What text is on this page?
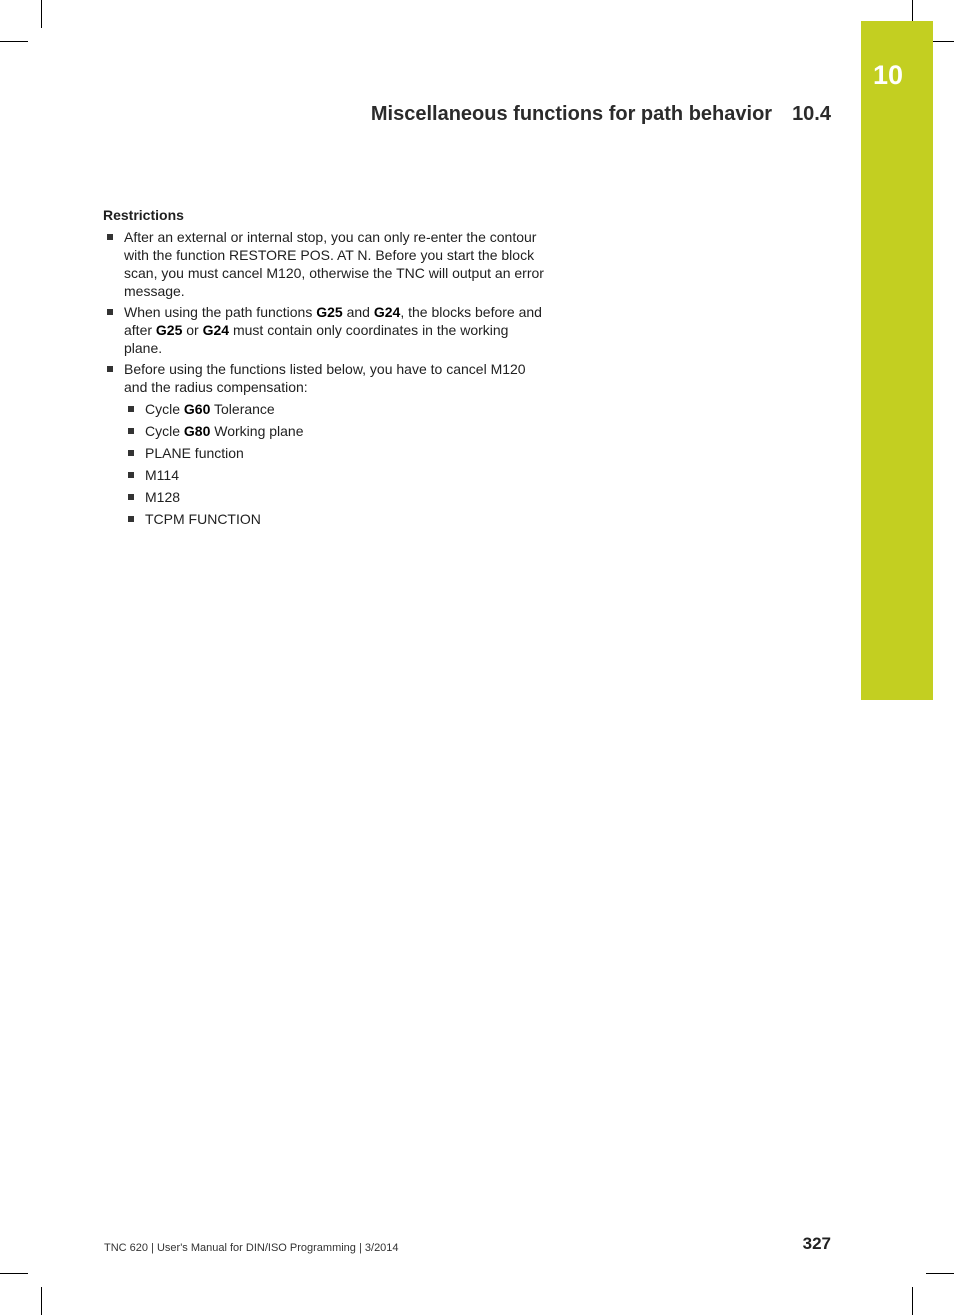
10
Miscellaneous functions for path behavior 10.4
Restrictions
After an external or internal stop, you can only re-enter the contour with the function RESTORE POS. AT N. Before you start the block scan, you must cancel M120, otherwise the TNC will output an error message.
When using the path functions G25 and G24, the blocks before and after G25 or G24 must contain only coordinates in the working plane.
Before using the functions listed below, you have to cancel M120 and the radius compensation:
Cycle G60 Tolerance
Cycle G80 Working plane
PLANE function
M114
M128
TCPM FUNCTION
TNC 620 | User's Manual for DIN/ISO Programming | 3/2014	327
